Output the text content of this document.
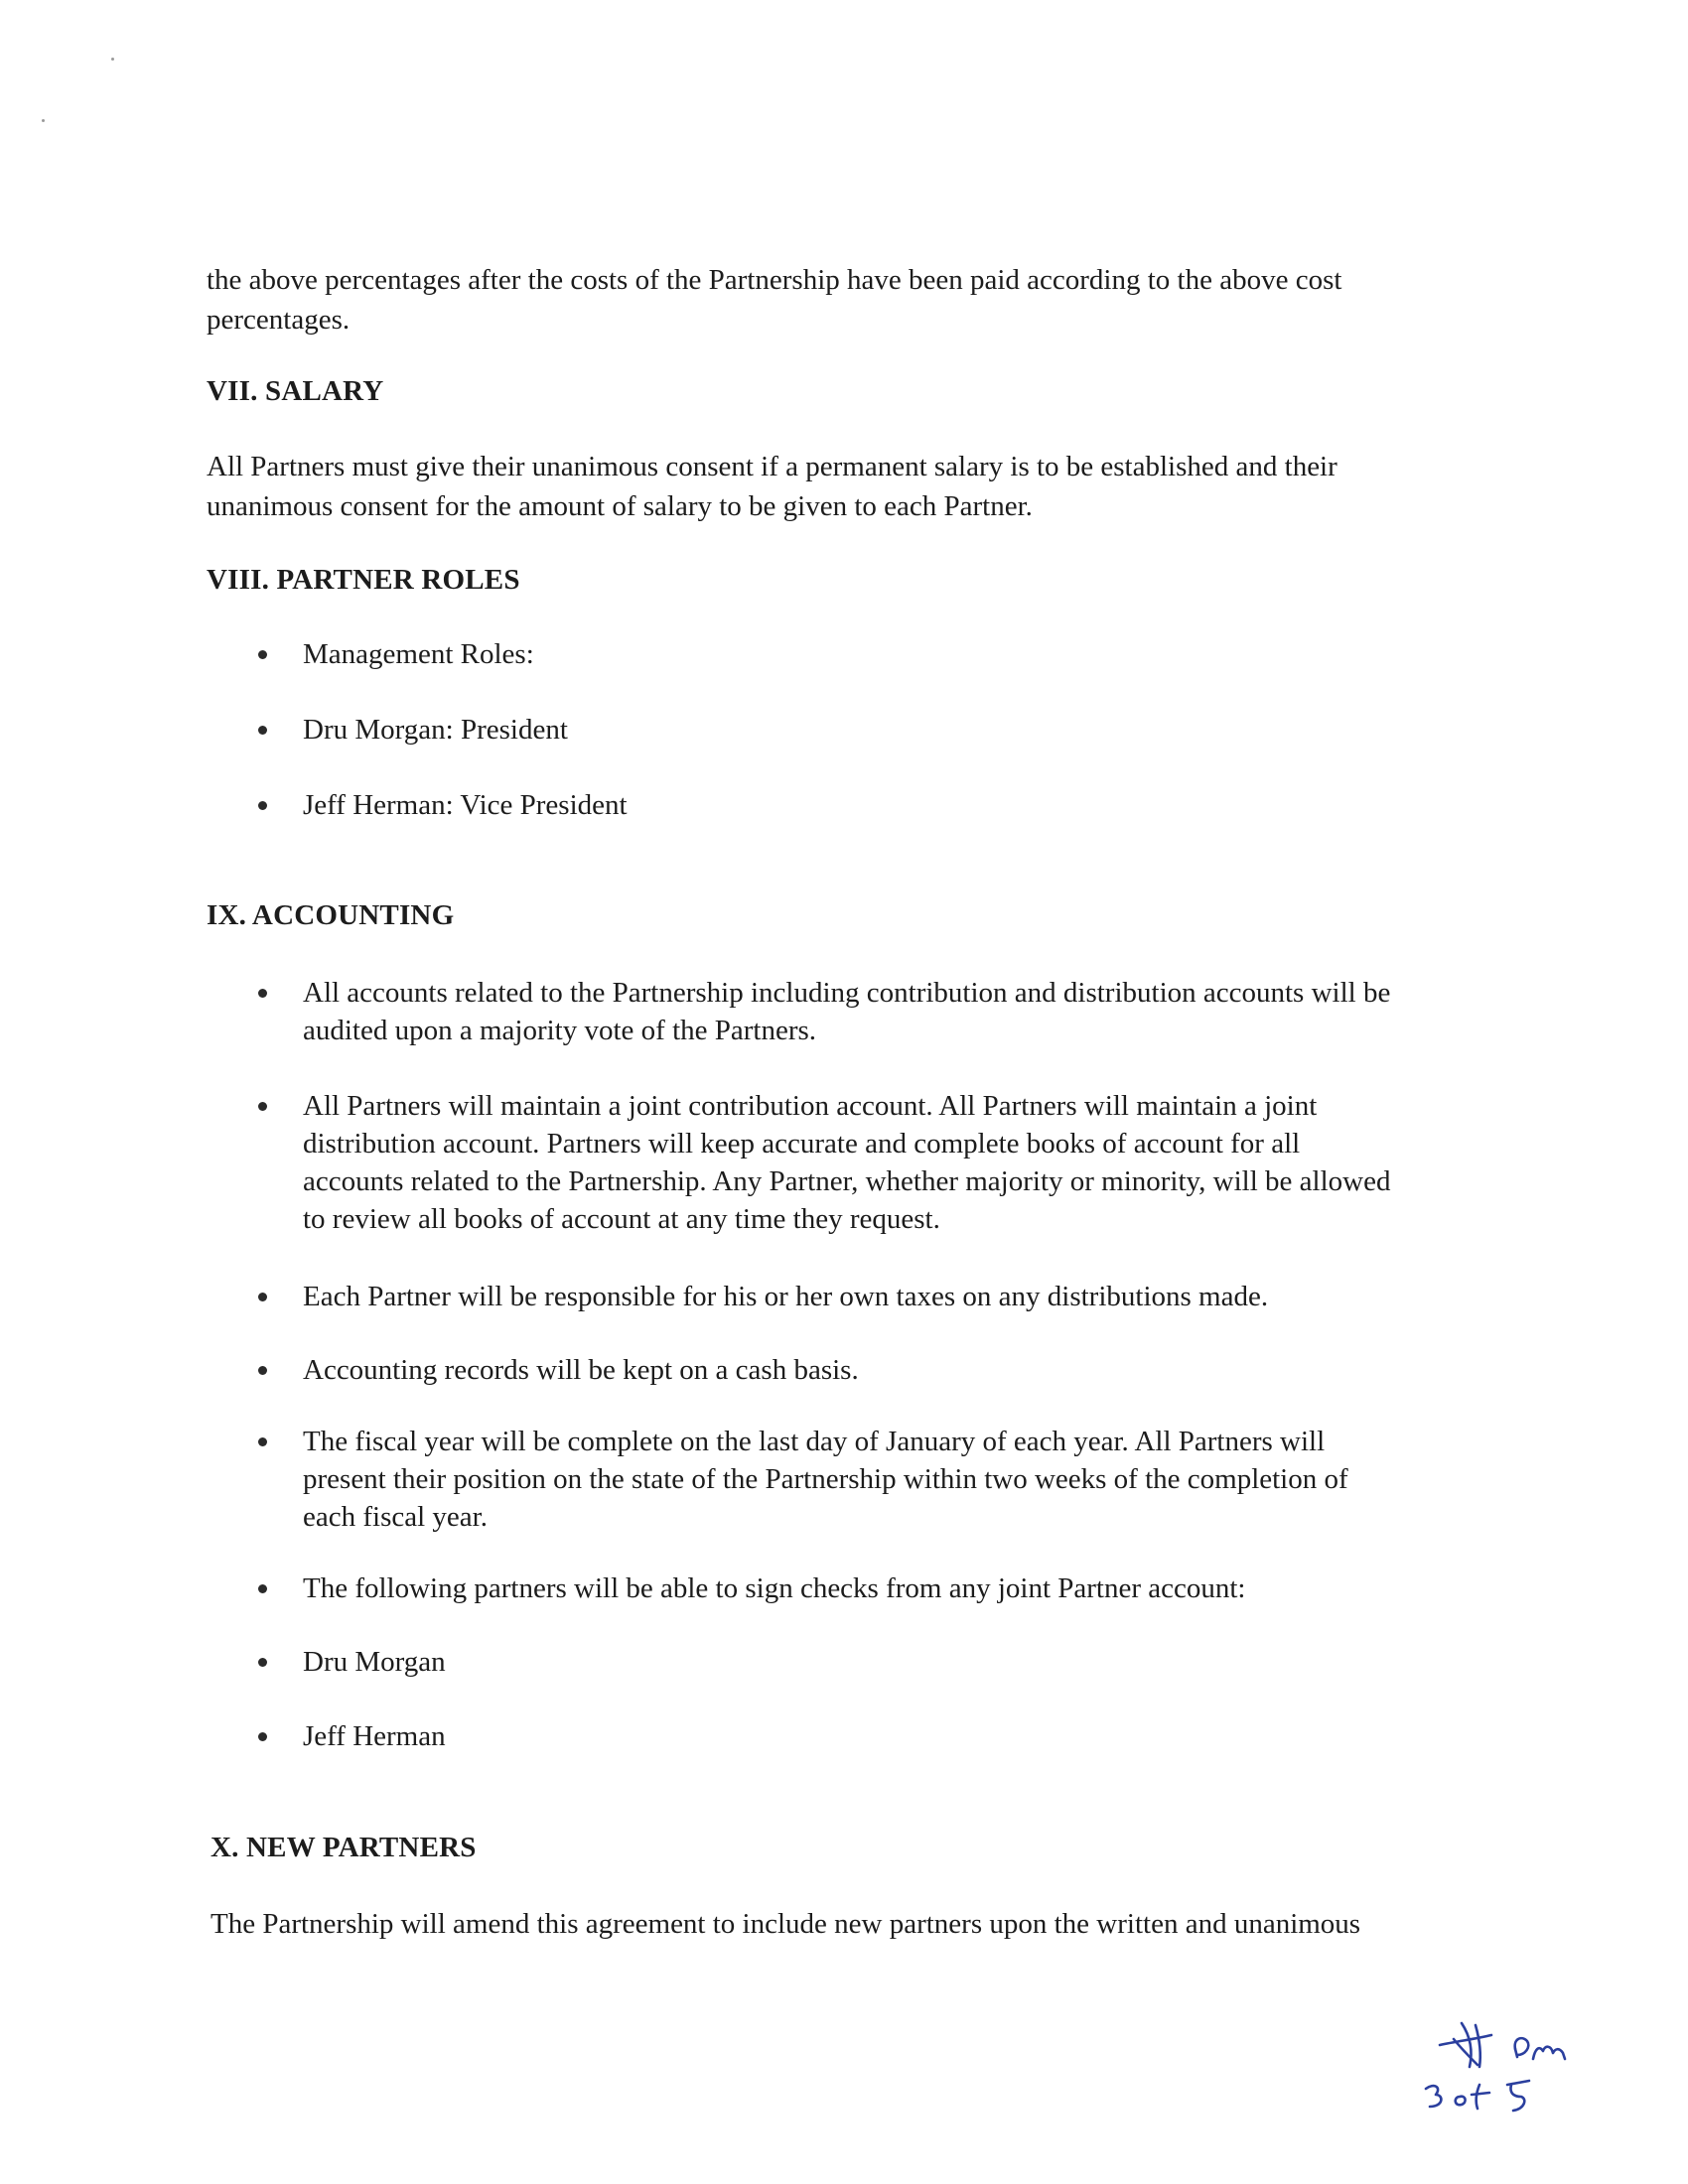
the above percentages after the costs of the Partnership have been paid according to the above cost percentages.

VII. SALARY

All Partners must give their unanimous consent if a permanent salary is to be established and their unanimous consent for the amount of salary to be given to each Partner.

VIII. PARTNER ROLES
Management Roles:
Dru Morgan: President
Jeff Herman: Vice President
IX. ACCOUNTING
All accounts related to the Partnership including contribution and distribution accounts will be audited upon a majority vote of the Partners.
All Partners will maintain a joint contribution account. All Partners will maintain a joint distribution account. Partners will keep accurate and complete books of account for all accounts related to the Partnership. Any Partner, whether majority or minority, will be allowed to review all books of account at any time they request.
Each Partner will be responsible for his or her own taxes on any distributions made.
Accounting records will be kept on a cash basis.
The fiscal year will be complete on the last day of January of each year. All Partners will present their position on the state of the Partnership within two weeks of the completion of each fiscal year.
The following partners will be able to sign checks from any joint Partner account:
Dru Morgan
Jeff Herman
X. NEW PARTNERS

The Partnership will amend this agreement to include new partners upon the written and unanimous
